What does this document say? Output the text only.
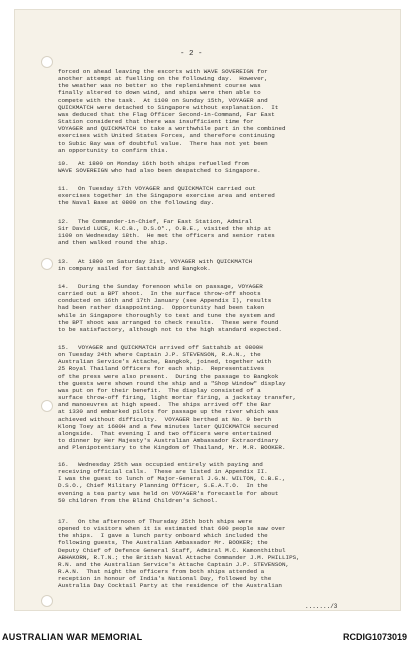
- 2 -
forced on ahead leaving the escorts with WAVE SOVEREIGN for
another attempt at fuelling on the following day.  However,
the weather was no better so the replenishment course was
finally altered to down wind, and ships were then able to
compete with the task.  At 1100 on Sunday 15th, VOYAGER and
QUICKMATCH were detached to Singapore without explanation.  It
was deduced that the Flag Officer Second-in-Command, Far East
Station considered that there was insufficient time for
VOYAGER and QUICKMATCH to take a worthwhile part in the combined
exercises with United States Forces, and therefore continuing
to Subic Bay was of doubtful value.  There has not yet been
an opportunity to confirm this.
10. At 1800 on Monday 16th both ships refuelled from
WAVE SOVEREIGN who had also been despatched to Singapore.
11. On Tuesday 17th VOYAGER and QUICKMATCH carried out
exercises together in the Singapore exercise area and entered
the Naval Base at 0800 on the following day.
12. The Commander-in-Chief, Far East Station, Admiral
Sir David LUCE, K.C.B., D.S.O*., O.B.E., visited the ship at
1100 on Wednesday 18th.  He met the officers and senior rates
and then walked round the ship.
13. At 1800 on Saturday 21st, VOYAGER with QUICKMATCH
in company sailed for Sattahib and Bangkok.
14. During the Sunday forenoon while on passage, VOYAGER
carried out a BPT shoot.  In the surface throw-off shoots
conducted on 16th and 17th January (see Appendix I), results
had been rather disappointing.  Opportunity had been taken
while in Singapore thoroughly to test and tune the system and
the BPT shoot was arranged to check results.  These were found
to be satisfactory, although not to the high standard expected.
15. VOYAGER and QUICKMATCH arrived off Sattahib at 0800H
on Tuesday 24th where Captain J.P. STEVENSON, R.A.N., the
Australian Service's Attache, Bangkok, joined, together with
25 Royal Thailand Officers for each ship.  Representatives
of the press were also present.  During the passage to Bangkok
the guests were shown round the ship and a "Shop Window" display
was put on for their benefit.  The display consisted of a
surface throw-off firing, light mortar firing, a jackstay transfer,
and manoeuvres at high speed.  The ships arrived off the Bar
at 1330 and embarked pilots for passage up the river which was
achieved without difficulty.  VOYAGER berthed at No. 9 berth
Klong Toey at 1600H and a few minutes later QUICKMATCH secured
alongside.  That evening I and two officers were entertained
to dinner by Her Majesty's Australian Ambassador Extraordinary
and Plenipotentiary to the Kingdom of Thailand, Mr. M.R. BOOKER.
16. Wednesday 25th was occupied entirely with paying and
receiving official calls.  These are listed in Appendix II.
I was the guest to lunch of Major-General J.G.N. WILTON, C.B.E.,
D.S.O., Chief Military Planning Officer, S.E.A.T.O.  In the
evening a tea party was held on VOYAGER's forecastle for about
50 children from the Blind Children's School.
17. On the afternoon of Thursday 25th both ships were
opened to visitors when it is estimated that 600 people saw over
the ships.  I gave a lunch party onboard which included the
following guests, The Australian Ambassador Mr. BOOKER; the
Deputy Chief of Defence General Staff, Admiral M.C. Kamonthitbul
ABHAKORN, R.T.N.; the British Naval Attache Commander J.M. PHILLIPS,
R.N. and the Australian Service's Attache Captain J.P. STEVENSON,
R.A.N.  That night the officers from both ships attended a
reception in honour of India's National Day, followed by the
Australia Day Cocktail Party at the residence of the Australian
......./3
AUSTRALIAN WAR MEMORIAL	RCDIG1073019
